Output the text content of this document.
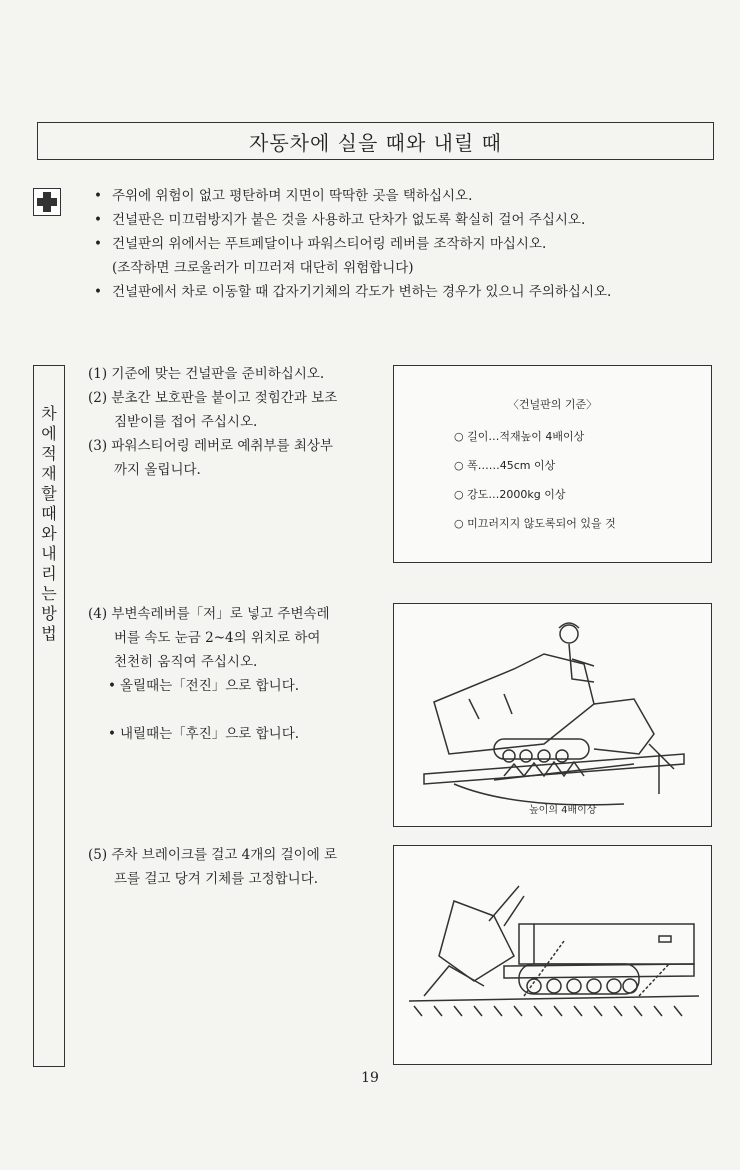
자동차에 실을 때와 내릴 때
• 주위에 위험이 없고 평탄하며 지면이 딱딱한 곳을 택하십시오.
• 건널판은 미끄럼방지가 붙은 것을 사용하고 단차가 없도록 확실히 걸어 주십시오.
• 건널판의 위에서는 푸트페달이나 파워스티어링 레버를 조작하지 마십시오.
(조작하면 크로울러가 미끄러져 대단히 위험합니다)
• 건널판에서 차로 이동할 때 갑자기기체의 각도가 변하는 경우가 있으니 주의하십시오.
차에 적재할때와 내리는 방법
(1) 기준에 맞는 건널판을 준비하십시오.
(2) 분초간 보호판을 붙이고 젖힘간과 보조짐받이를 접어 주십시오.
(3) 파워스티어링 레버로 예취부를 최상부까지 올립니다.
(4) 부변속레버를「저」로 넣고 주변속레버를 속도 눈금 2~4의 위치로 하여 천천히 움직여 주십시오.
• 올릴때는「전진」으로 합니다.
• 내릴때는「후진」으로 합니다.
(5) 주차 브레이크를 걸고 4개의 걸이에 로프를 걸고 당겨 기체를 고정합니다.
〈건널판의 기준〉
○ 길이…적재높이 4배이상
○ 폭……45cm 이상
○ 강도…2000kg 이상
○ 미끄러지지 않도록되어 있을 것
높이의 4배이상
19
